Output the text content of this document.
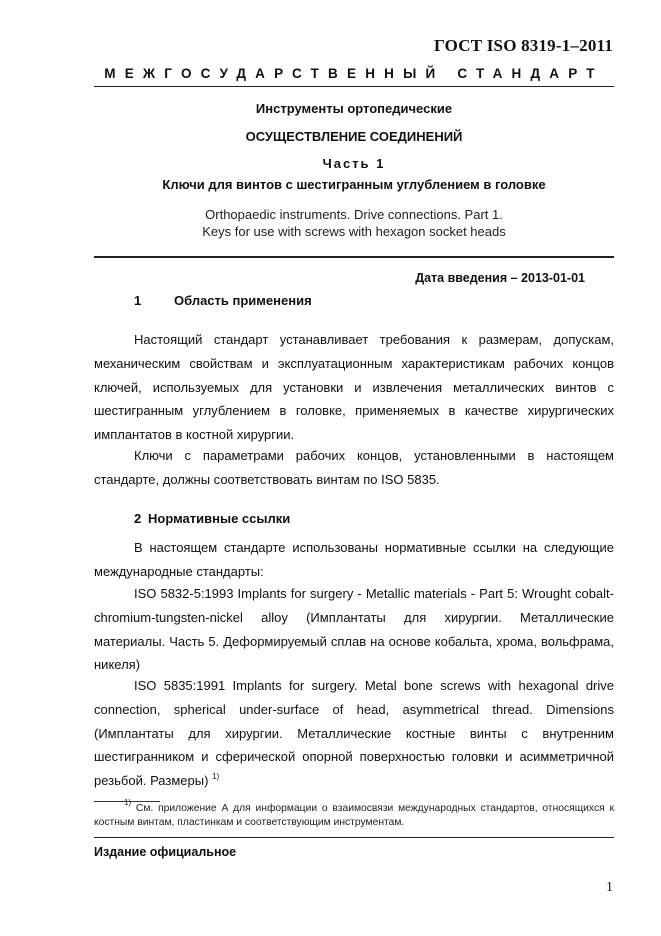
ГОСТ ISO 8319-1–2011
МЕЖГОСУДАРСТВЕННЫЙ СТАНДАРТ
Инструменты ортопедические
ОСУЩЕСТВЛЕНИЕ СОЕДИНЕНИЙ
Часть 1
Ключи для винтов с шестигранным углублением в головке
Orthopaedic instruments. Drive connections. Part 1.
Keys for use with screws with hexagon socket heads
Дата введения – 2013-01-01
1	Область применения

Настоящий стандарт устанавливает требования к размерам, допускам, механическим свойствам и эксплуатационным характеристикам рабочих концов ключей, используемых для установки и извлечения металлических винтов с шестигранным углублением в головке, применяемых в качестве хирургических имплантатов в костной хирургии.

Ключи с параметрами рабочих концов, установленными в настоящем стандарте, должны соответствовать винтам по ISO 5835.

2 Нормативные ссылки

В настоящем стандарте использованы нормативные ссылки на следующие международные стандарты:

ISO 5832-5:1993 Implants for surgery - Metallic materials - Part 5: Wrought cobalt-chromium-tungsten-nickel alloy (Имплантаты для хирургии. Металлические материалы. Часть 5. Деформируемый сплав на основе кобальта, хрома, вольфрама, никеля)

ISO 5835:1991 Implants for surgery. Metal bone screws with hexagonal drive connection, spherical under-surface of head, asymmetrical thread. Dimensions (Имплантаты для хирургии. Металлические костные винты с внутренним шестигранником и сферической опорной поверхностью головки и асимметричной резьбой. Размеры) $^{1)}$

$^{1)}$ См. приложение А для информации о взаимосвязи международных стандартов, относящихся к костным винтам, пластинкам и соответствующим инструментам.

Издание официальное
1
